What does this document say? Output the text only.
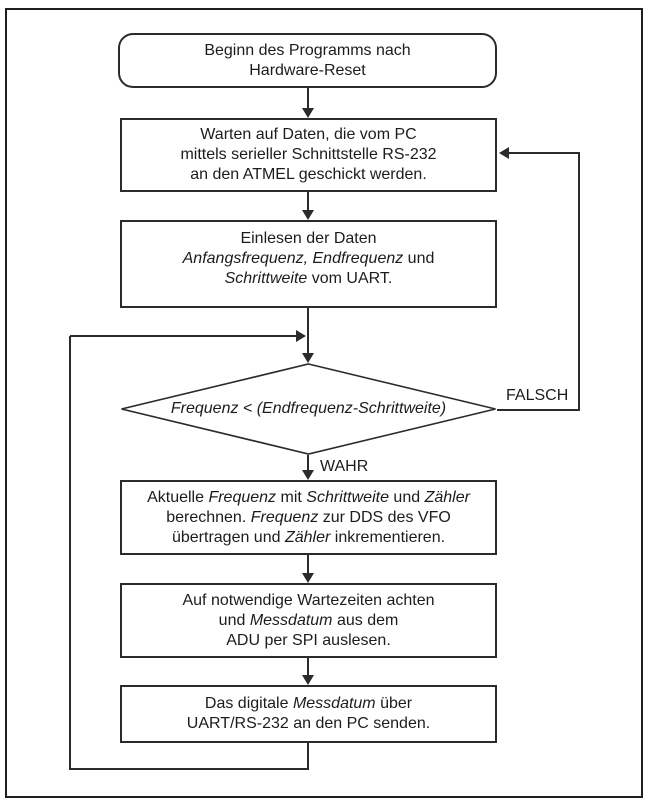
Beginn des Programms nach
Hardware-Reset
Warten auf Daten, die vom PC
mittels serieller Schnittstelle RS-232
an den ATMEL geschickt werden.
Einlesen der Daten
Anfangsfrequenz, Endfrequenz und
Schrittweite vom UART.
Frequenz < (Endfrequenz-Schrittweite)
Aktuelle Frequenz mit Schrittweite und Zähler
berechnen. Frequenz zur DDS des VFO
übertragen und Zähler inkrementieren.
Auf notwendige Wartezeiten achten
und Messdatum aus dem
ADU per SPI auslesen.
Das digitale Messdatum über
UART/RS-232 an den PC senden.
WAHR
FALSCH
